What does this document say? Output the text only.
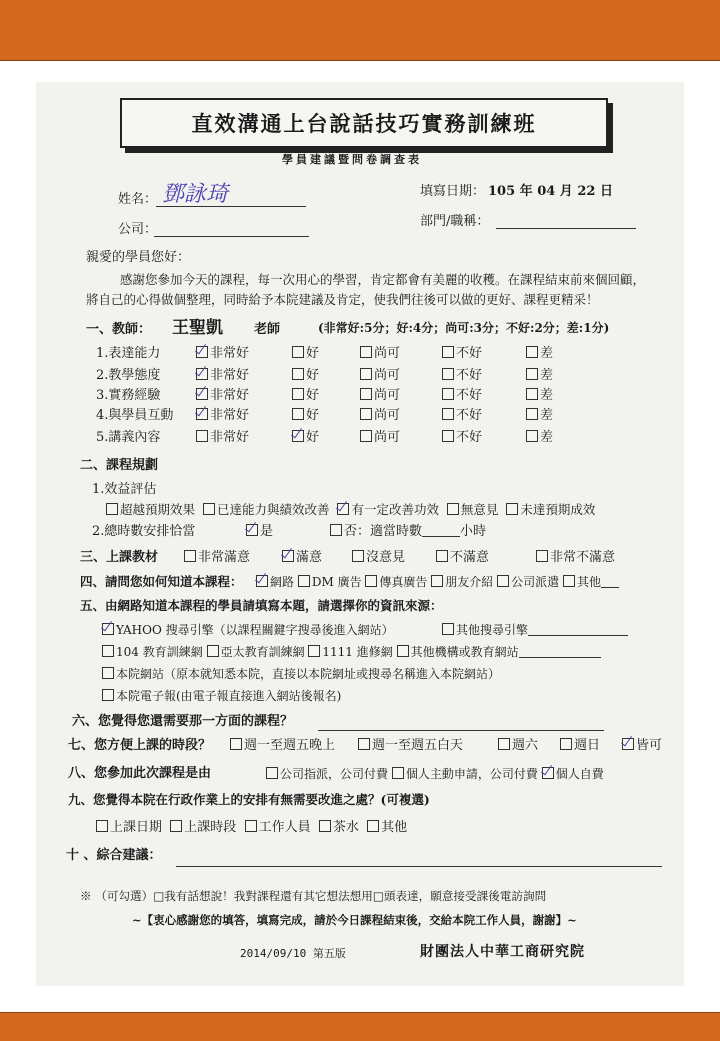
直效溝通上台說話技巧實務訓練班
學員建議暨問卷調查表
姓名： 鄧詠琦	填寫日期： 105 年 04 月 22 日
公司：
部門/職稱：
親愛的學員您好：
感謝您參加今天的課程，每一次用心的學習，肯定都會有美麗的收穫。在課程結束前來個回顧，
將自己的心得做個整理，同時給予本院建議及肯定，使我們往後可以做的更好、課程更精采！
一、教師： 王聖凱 老師	(非常好:5分；好:4分；尚可:3分；不好:2分；差:1分)
二、課程規劃
1.效益評估
超越預期效果 已達能力與績效改善 有一定改善功效 無意見 未達預期成效
2.總時數安排恰當	是	否：適當時數	小時
三、上課教材
四、請問您如何知道本課程：	網路 DM 廣告 傳真廣告 朋友介紹 公司派遣 其他
五、由網路知道本課程的學員請填寫本題，請選擇你的資訊來源：
YAHOO 搜尋引擎（以課程關鍵字搜尋後進入網站）	其他搜尋引擎
104 教育訓練網 亞太教育訓練網 1111 進修網 其他機構或教育網站
本院網站（原本就知悉本院，直接以本院網址或搜尋名稱進入本院網站）
本院電子報(由電子報直接進入網站後報名)
六、您覺得您還需要那一方面的課程？
七、您方便上課的時段？
八、您參加此次課程是由	公司指派，公司付費 個人主動申請，公司付費 個人自費
九、您覺得本院在行政作業上的安排有無需要改進之處？(可複選)
上課日期 上課時段 工作人員 茶水 其他
十 、綜合建議：
※ （可勾選）□我有話想說！我對課程還有其它想法想用□頭表達，願意接受課後電訪詢問
~【衷心感謝您的填答，填寫完成，請於今日課程結束後，交給本院工作人員，謝謝】~
2014/09/10 第五版	財團法人中華工商研究院
1.表達能力	非常好	好	尚可	不好	差
2.教學態度	非常好	好	尚可	不好	差
3.實務經驗	非常好	好	尚可	不好	差
4.與學員互動	非常好	好	尚可	不好	差
5.講義內容	非常好	好	尚可	不好	差
非常滿意	滿意	沒意見	不滿意	非常不滿意
週一至週五晚上	週一至週五白天	週六	週日	皆可
